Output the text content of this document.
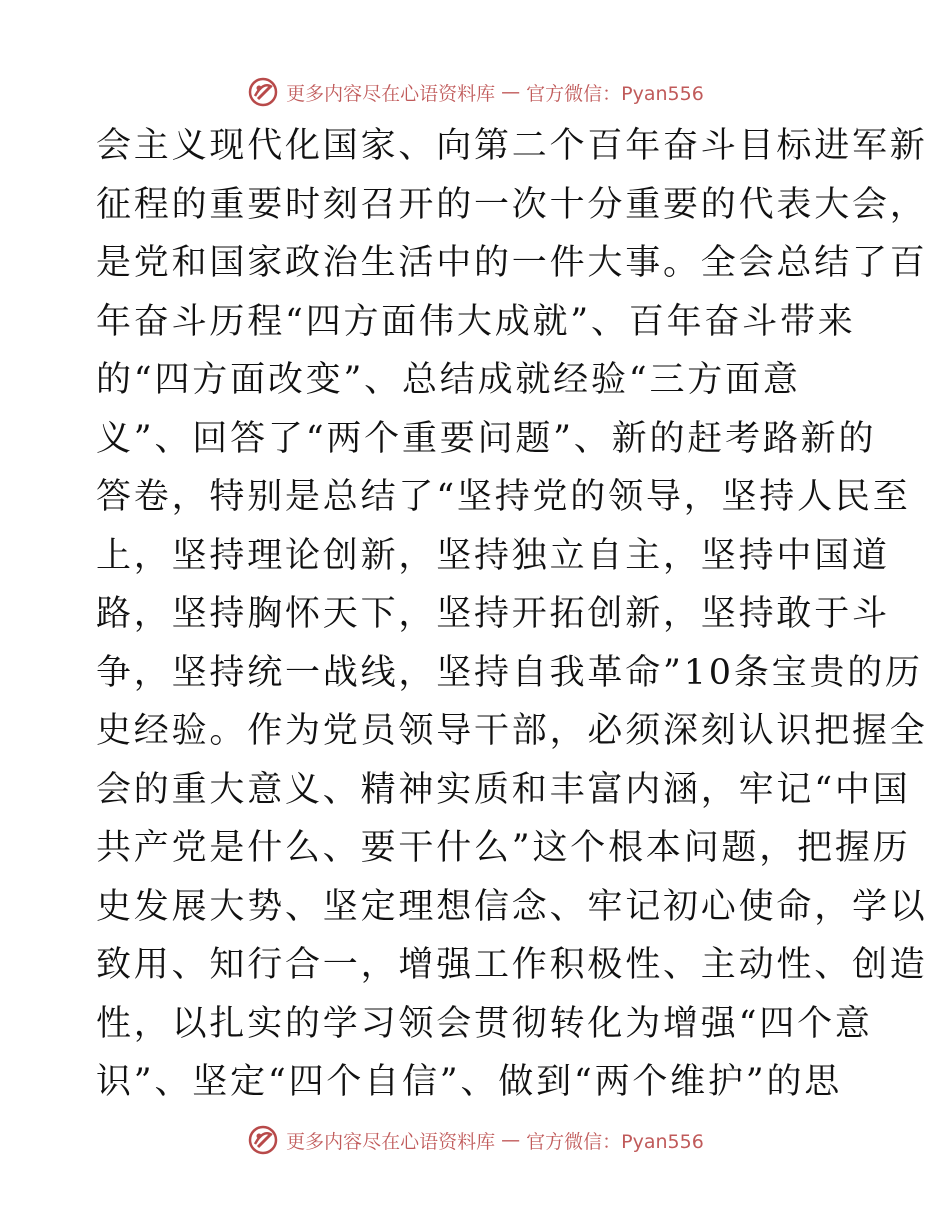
更多内容尽在心语资料库 — 官方微信：Pyan556
会主义现代化国家、向第二个百年奋斗目标进军新
征程的重要时刻召开的一次十分重要的代表大会，
是党和国家政治生活中的一件大事。全会总结了百
年奋斗历程“四方面伟大成就”、百年奋斗带来
的“四方面改变”、总结成就经验“三方面意
义”、回答了“两个重要问题”、新的赶考路新的
答卷，特别是总结了“坚持党的领导，坚持人民至
上，坚持理论创新，坚持独立自主，坚持中国道
路，坚持胸怀天下，坚持开拓创新，坚持敢于斗
争，坚持统一战线，坚持自我革命”10条宝贵的历
史经验。作为党员领导干部，必须深刻认识把握全
会的重大意义、精神实质和丰富内涵，牢记“中国
共产党是什么、要干什么”这个根本问题，把握历
史发展大势、坚定理想信念、牢记初心使命，学以
致用、知行合一，增强工作积极性、主动性、创造
性，以扎实的学习领会贯彻转化为增强“四个意
识”、坚定“四个自信”、做到“两个维护”的思
更多内容尽在心语资料库 — 官方微信：Pyan556
